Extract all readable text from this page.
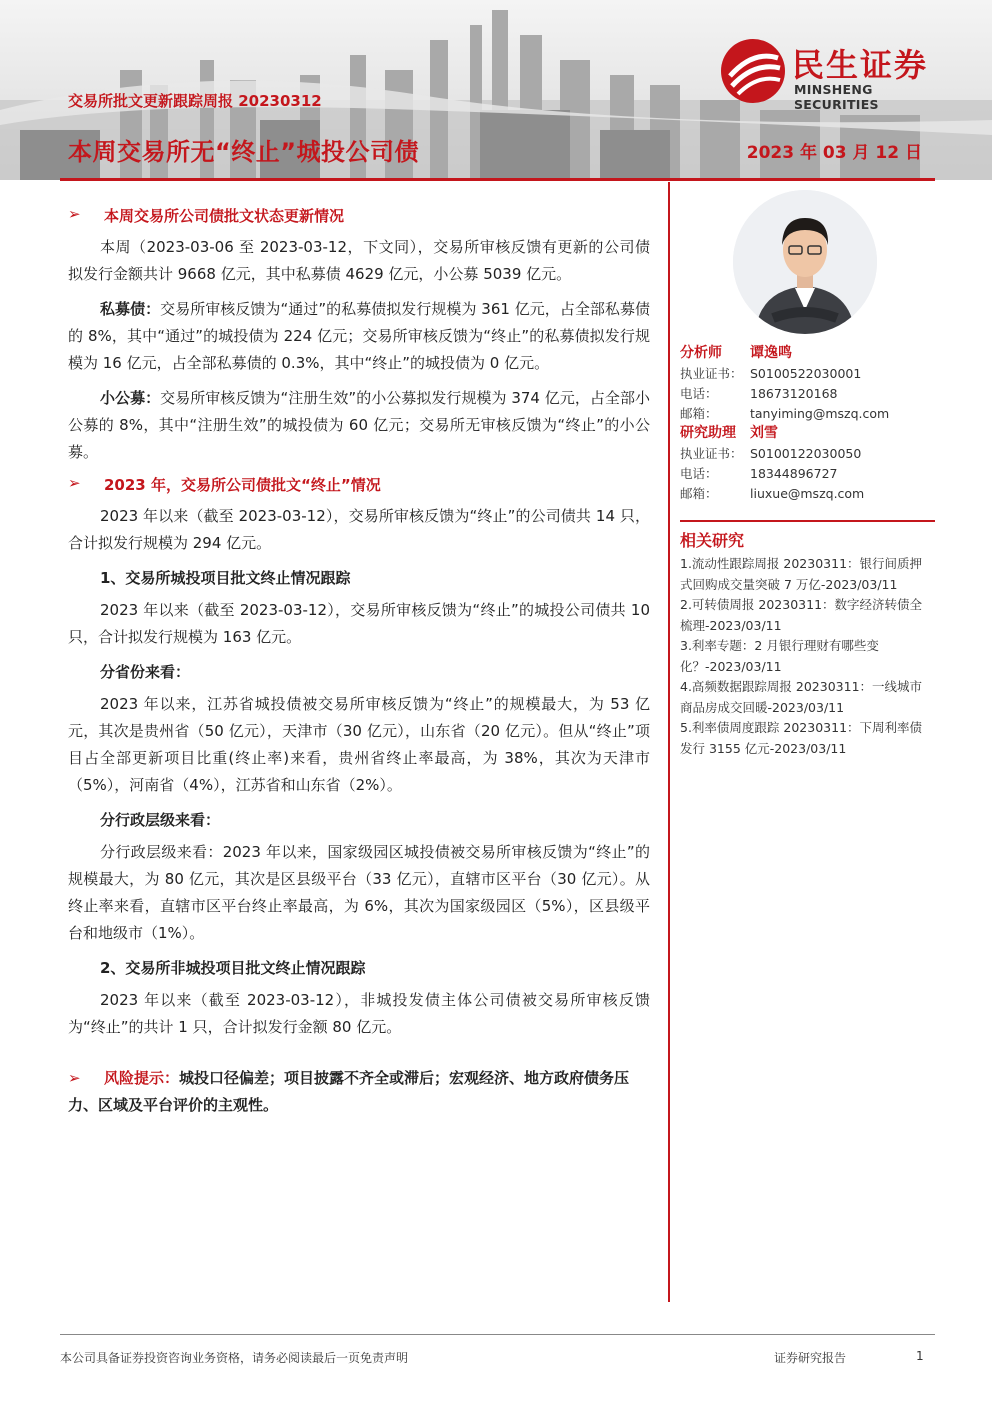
交易所批文更新跟踪周报 20230312
本周交易所无“终止”城投公司债	2023 年 03 月 12 日
民生证券
MINSHENG SECURITIES
➢	本周交易所公司债批文状态更新情况

本周（2023-03-06 至 2023-03-12，下文同），交易所审核反馈有更新的公司债拟发行金额共计 9668 亿元，其中私募债 4629 亿元，小公募 5039 亿元。

私募债：交易所审核反馈为“通过”的私募债拟发行规模为 361 亿元，占全部私募债的 8%，其中“通过”的城投债为 224 亿元；交易所审核反馈为“终止”的私募债拟发行规模为 16 亿元，占全部私募债的 0.3%，其中“终止”的城投债为 0 亿元。

小公募：交易所审核反馈为“注册生效”的小公募拟发行规模为 374 亿元，占全部小公募的 8%，其中“注册生效”的城投债为 60 亿元；交易所无审核反馈为“终止”的小公募。

➢	2023 年，交易所公司债批文“终止”情况

2023 年以来（截至 2023-03-12），交易所审核反馈为“终止”的公司债共 14 只，合计拟发行规模为 294 亿元。

1、交易所城投项目批文终止情况跟踪

2023 年以来（截至 2023-03-12），交易所审核反馈为“终止”的城投公司债共 10 只，合计拟发行规模为 163 亿元。

分省份来看：

2023 年以来，江苏省城投债被交易所审核反馈为“终止”的规模最大，为 53 亿元，其次是贵州省（50 亿元），天津市（30 亿元），山东省（20 亿元）。但从“终止”项目占全部更新项目比重(终止率)来看，贵州省终止率最高，为 38%，其次为天津市（5%），河南省（4%），江苏省和山东省（2%）。

分行政层级来看：

分行政层级来看：2023 年以来，国家级园区城投债被交易所审核反馈为“终止”的规模最大，为 80 亿元，其次是区县级平台（33 亿元），直辖市区平台（30 亿元）。从终止率来看，直辖市区平台终止率最高，为 6%，其次为国家级园区（5%），区县级平台和地级市（1%）。

2、交易所非城投项目批文终止情况跟踪

2023 年以来（截至 2023-03-12），非城投发债主体公司债被交易所审核反馈为“终止”的共计 1 只，合计拟发行金额 80 亿元。

➢ 风险提示：城投口径偏差；项目披露不齐全或滞后；宏观经济、地方政府债务压力、区域及平台评价的主观性。
分析师	谭逸鸣
执业证书： S0100522030001
电话：	18673120168
邮箱：	tanyiming@mszq.com
研究助理	刘雪
执业证书： S0100122030050
电话：	18344896727
邮箱：	liuxue@mszq.com
相关研究
1.流动性跟踪周报 20230311：银行间质押式回购成交量突破 7 万亿-2023/03/11
2.可转债周报 20230311：数字经济转债全梳理-2023/03/11
3.利率专题：2 月银行理财有哪些变化？-2023/03/11
4.高频数据跟踪周报 20230311：一线城市商品房成交回暖-2023/03/11
5.利率债周度跟踪 20230311：下周利率债发行 3155 亿元-2023/03/11
本公司具备证券投资咨询业务资格，请务必阅读最后一页免责声明	证券研究报告	1
